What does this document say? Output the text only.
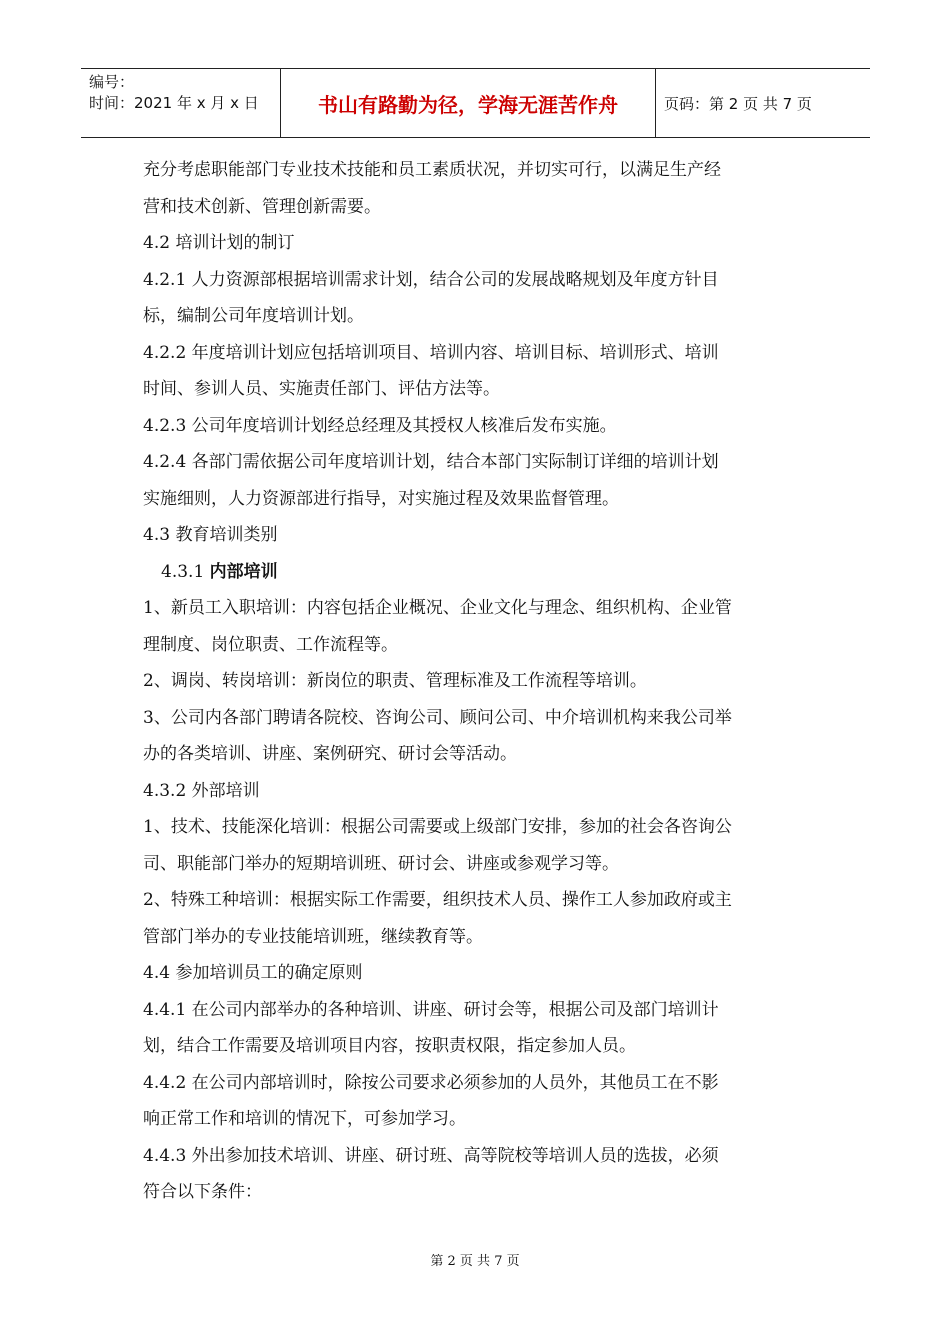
编号：
时间：2021 年 x 月 x 日	书山有路勤为径，学海无涯苦作舟	页码：第 2 页 共 7 页

充分考虑职能部门专业技术技能和员工素质状况，并切实可行，以满足生产经

营和技术创新、管理创新需要。

4.2 培训计划的制订

4.2.1 人力资源部根据培训需求计划，结合公司的发展战略规划及年度方针目

标，编制公司年度培训计划。

4.2.2 年度培训计划应包括培训项目、培训内容、培训目标、培训形式、培训

时间、参训人员、实施责任部门、评估方法等。

4.2.3 公司年度培训计划经总经理及其授权人核准后发布实施。

4.2.4 各部门需依据公司年度培训计划，结合本部门实际制订详细的培训计划

实施细则，人力资源部进行指导，对实施过程及效果监督管理。

4.3 教育培训类别

4.3.1 内部培训

1、新员工入职培训：内容包括企业概况、企业文化与理念、组织机构、企业管

理制度、岗位职责、工作流程等。

2、调岗、转岗培训：新岗位的职责、管理标准及工作流程等培训。

3、公司内各部门聘请各院校、咨询公司、顾问公司、中介培训机构来我公司举

办的各类培训、讲座、案例研究、研讨会等活动。

4.3.2 外部培训

1、技术、技能深化培训：根据公司需要或上级部门安排，参加的社会各咨询公

司、职能部门举办的短期培训班、研讨会、讲座或参观学习等。

2、特殊工种培训：根据实际工作需要，组织技术人员、操作工人参加政府或主

管部门举办的专业技能培训班，继续教育等。

4.4 参加培训员工的确定原则

4.4.1 在公司内部举办的各种培训、讲座、研讨会等，根据公司及部门培训计

划，结合工作需要及培训项目内容，按职责权限，指定参加人员。

4.4.2 在公司内部培训时，除按公司要求必须参加的人员外，其他员工在不影

响正常工作和培训的情况下，可参加学习。

4.4.3 外出参加技术培训、讲座、研讨班、高等院校等培训人员的选拔，必须

符合以下条件：

第 2 页 共 7 页
